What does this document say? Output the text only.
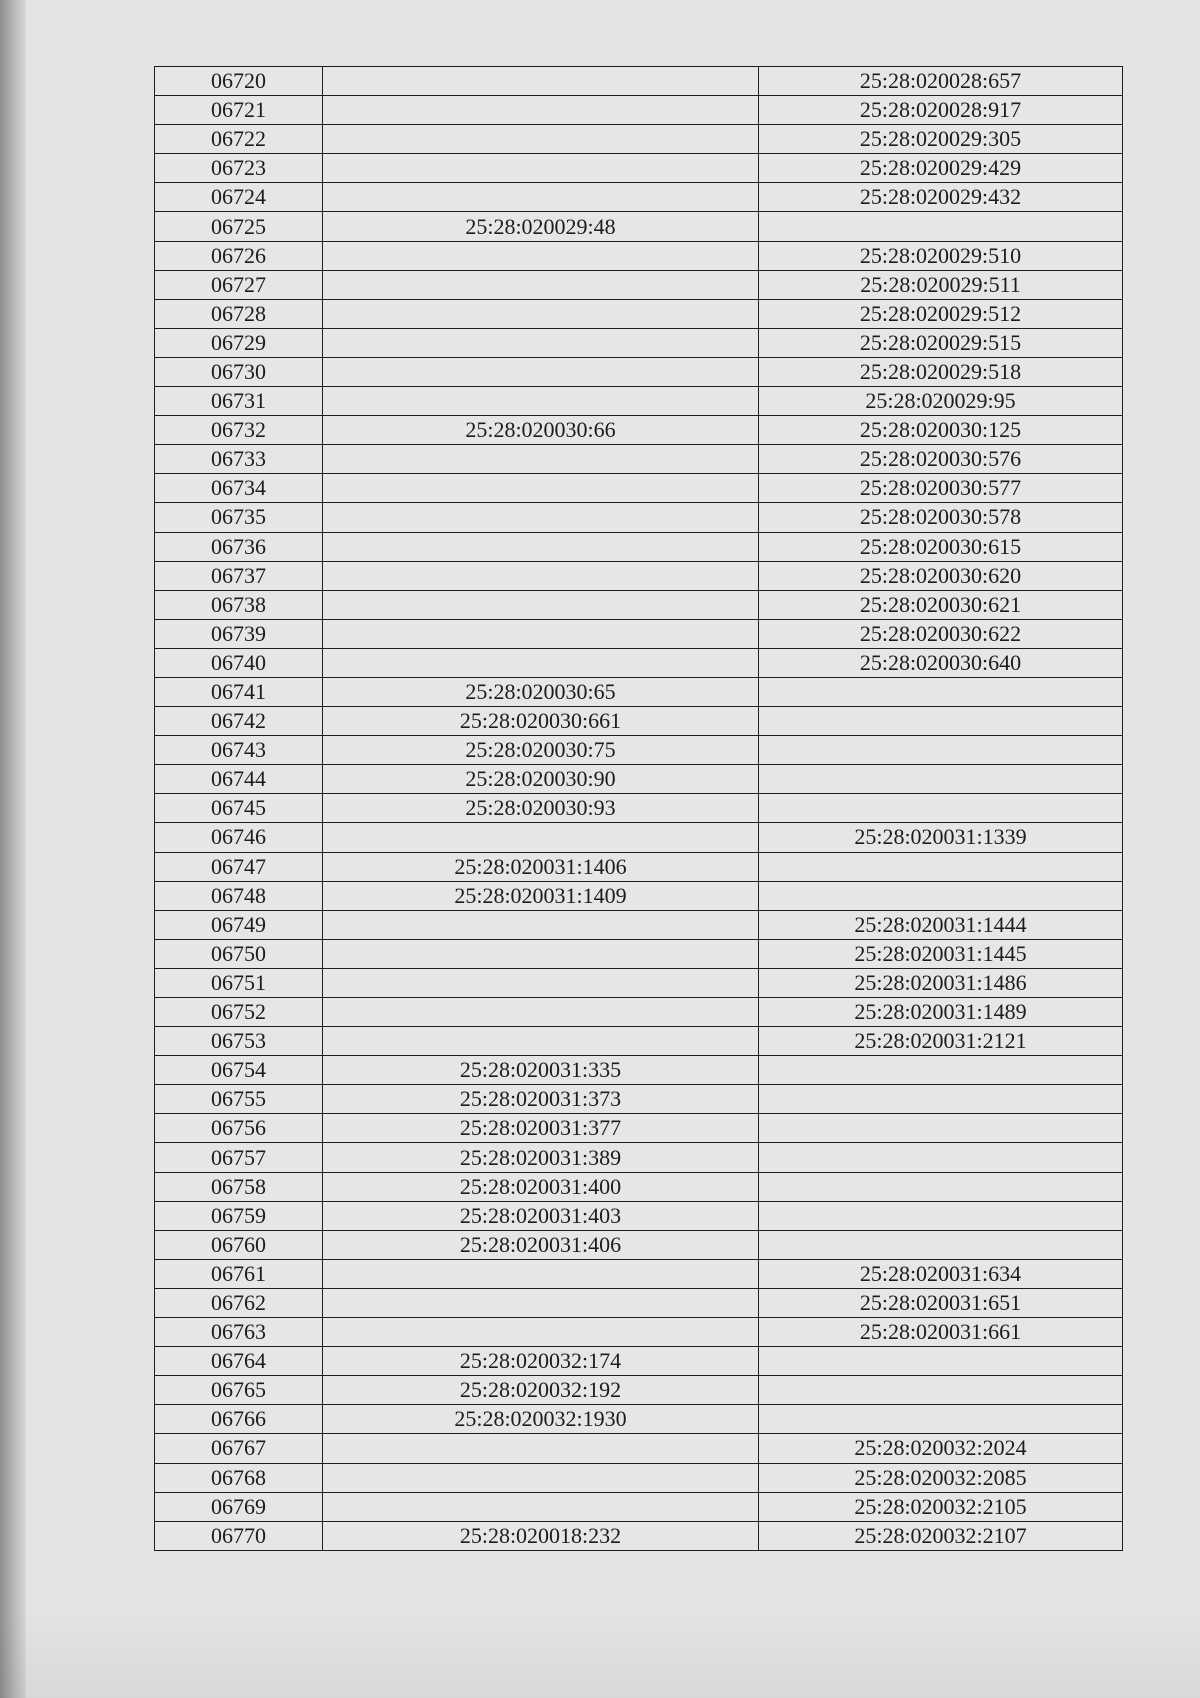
06720		25:28:020028:657
06721		25:28:020028:917
06722		25:28:020029:305
06723		25:28:020029:429
06724		25:28:020029:432
06725	25:28:020029:48	
06726		25:28:020029:510
06727		25:28:020029:511
06728		25:28:020029:512
06729		25:28:020029:515
06730		25:28:020029:518
06731		25:28:020029:95
06732	25:28:020030:66	25:28:020030:125
06733		25:28:020030:576
06734		25:28:020030:577
06735		25:28:020030:578
06736		25:28:020030:615
06737		25:28:020030:620
06738		25:28:020030:621
06739		25:28:020030:622
06740		25:28:020030:640
06741	25:28:020030:65	
06742	25:28:020030:661	
06743	25:28:020030:75	
06744	25:28:020030:90	
06745	25:28:020030:93	
06746		25:28:020031:1339
06747	25:28:020031:1406	
06748	25:28:020031:1409	
06749		25:28:020031:1444
06750		25:28:020031:1445
06751		25:28:020031:1486
06752		25:28:020031:1489
06753		25:28:020031:2121
06754	25:28:020031:335	
06755	25:28:020031:373	
06756	25:28:020031:377	
06757	25:28:020031:389	
06758	25:28:020031:400	
06759	25:28:020031:403	
06760	25:28:020031:406	
06761		25:28:020031:634
06762		25:28:020031:651
06763		25:28:020031:661
06764	25:28:020032:174	
06765	25:28:020032:192	
06766	25:28:020032:1930	
06767		25:28:020032:2024
06768		25:28:020032:2085
06769		25:28:020032:2105
06770	25:28:020018:232	25:28:020032:2107
